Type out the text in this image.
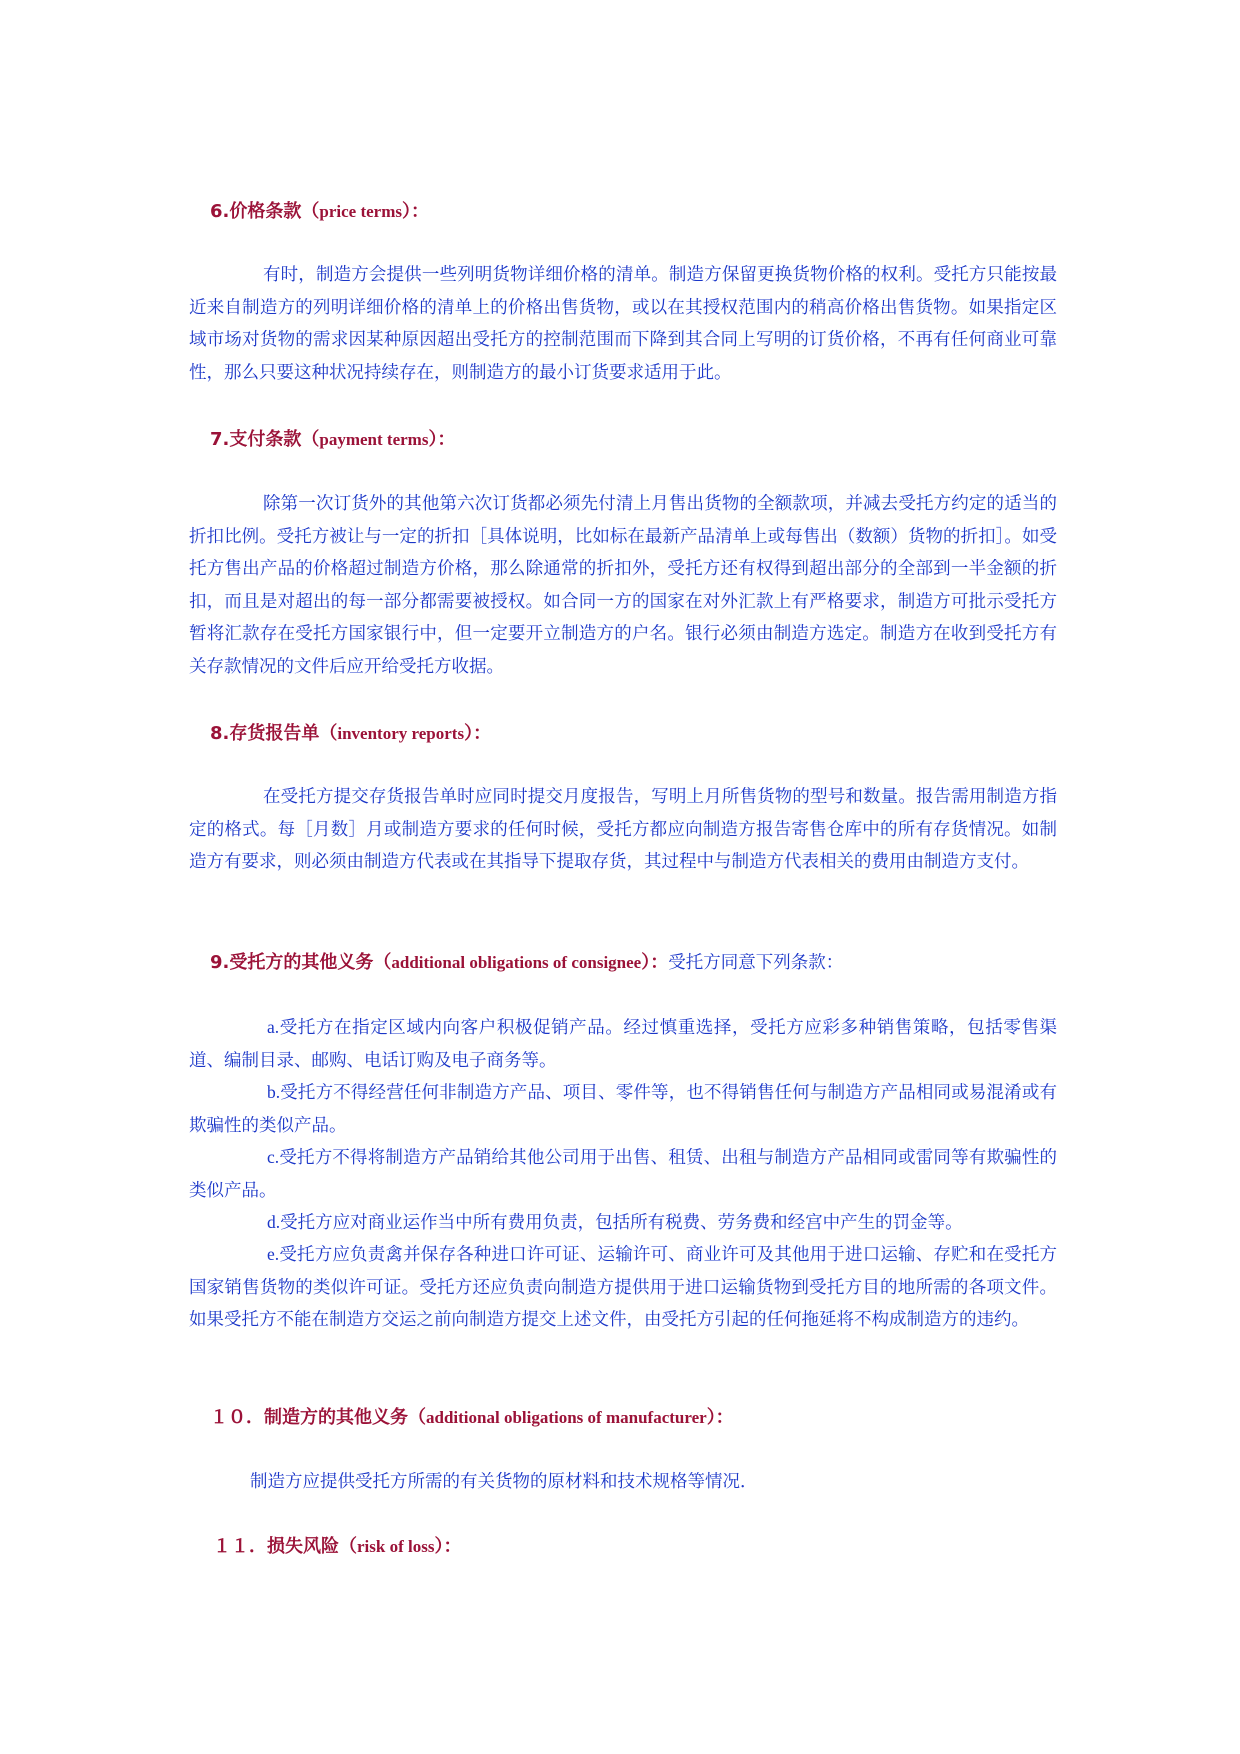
6.价格条款（price terms）：

有时，制造方会提供一些列明货物详细价格的清单。制造方保留更换货物价格的权利。受托方只能按最近来自制造方的列明详细价格的清单上的价格出售货物，或以在其授权范围内的稍高价格出售货物。如果指定区域市场对货物的需求因某种原因超出受托方的控制范围而下降到其合同上写明的订货价格，不再有任何商业可靠性，那么只要这种状况持续存在，则制造方的最小订货要求适用于此。

7.支付条款（payment terms）：

除第一次订货外的其他第六次订货都必须先付清上月售出货物的全额款项，并减去受托方约定的适当的折扣比例。受托方被让与一定的折扣［具体说明，比如标在最新产品清单上或每售出（数额）货物的折扣］。如受托方售出产品的价格超过制造方价格，那么除通常的折扣外，受托方还有权得到超出部分的全部到一半金额的折扣，而且是对超出的每一部分都需要被授权。如合同一方的国家在对外汇款上有严格要求，制造方可批示受托方暂将汇款存在受托方国家银行中，但一定要开立制造方的户名。银行必须由制造方选定。制造方在收到受托方有关存款情况的文件后应开给受托方收据。

8.存货报告单（inventory reports）：

在受托方提交存货报告单时应同时提交月度报告，写明上月所售货物的型号和数量。报告需用制造方指定的格式。每［月数］月或制造方要求的任何时候，受托方都应向制造方报告寄售仓库中的所有存货情况。如制造方有要求，则必须由制造方代表或在其指导下提取存货，其过程中与制造方代表相关的费用由制造方支付。

9.受托方的其他义务（additional obligations of consignee）：受托方同意下列条款：

a.受托方在指定区域内向客户积极促销产品。经过慎重选择，受托方应彩多种销售策略，包括零售渠道、编制目录、邮购、电话订购及电子商务等。

b.受托方不得经营任何非制造方产品、项目、零件等，也不得销售任何与制造方产品相同或易混淆或有欺骗性的类似产品。

c.受托方不得将制造方产品销给其他公司用于出售、租赁、出租与制造方产品相同或雷同等有欺骗性的类似产品。

d.受托方应对商业运作当中所有费用负责，包括所有税费、劳务费和经宫中产生的罚金等。

e.受托方应负责禽并保存各种进口许可证、运输许可、商业许可及其他用于进口运输、存贮和在受托方国家销售货物的类似许可证。受托方还应负责向制造方提供用于进口运输货物到受托方目的地所需的各项文件。如果受托方不能在制造方交运之前向制造方提交上述文件，由受托方引起的任何拖延将不构成制造方的违约。

１０．制造方的其他义务（additional obligations of manufacturer）：
制造方应提供受托方所需的有关货物的原材料和技术规格等情况．
１１．损失风险（risk of loss）：
